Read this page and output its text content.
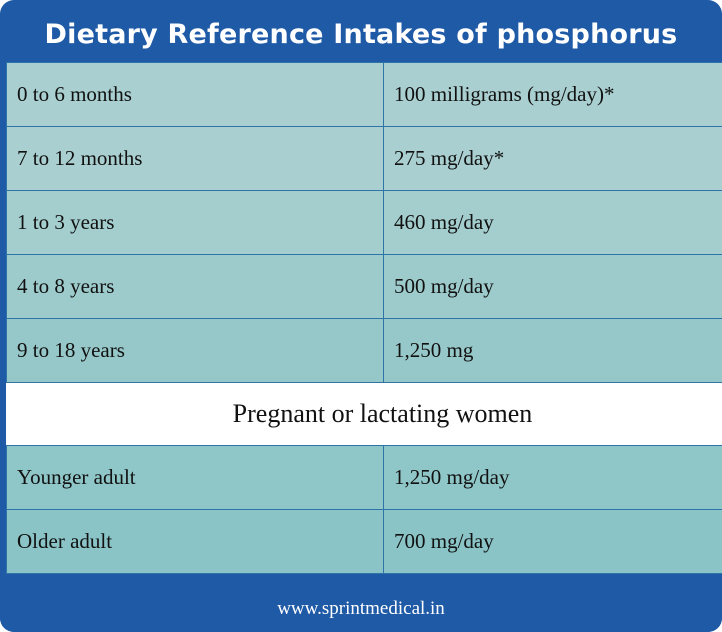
Dietary Reference Intakes of phosphorus
0 to 6 months	100 milligrams (mg/day)*
7 to 12 months	275 mg/day*
1 to 3 years	460 mg/day
4 to 8 years	500 mg/day
9 to 18 years	1,250 mg
Pregnant or lactating women	
Younger adult	1,250 mg/day
Older adult	700 mg/day
www.sprintmedical.in
